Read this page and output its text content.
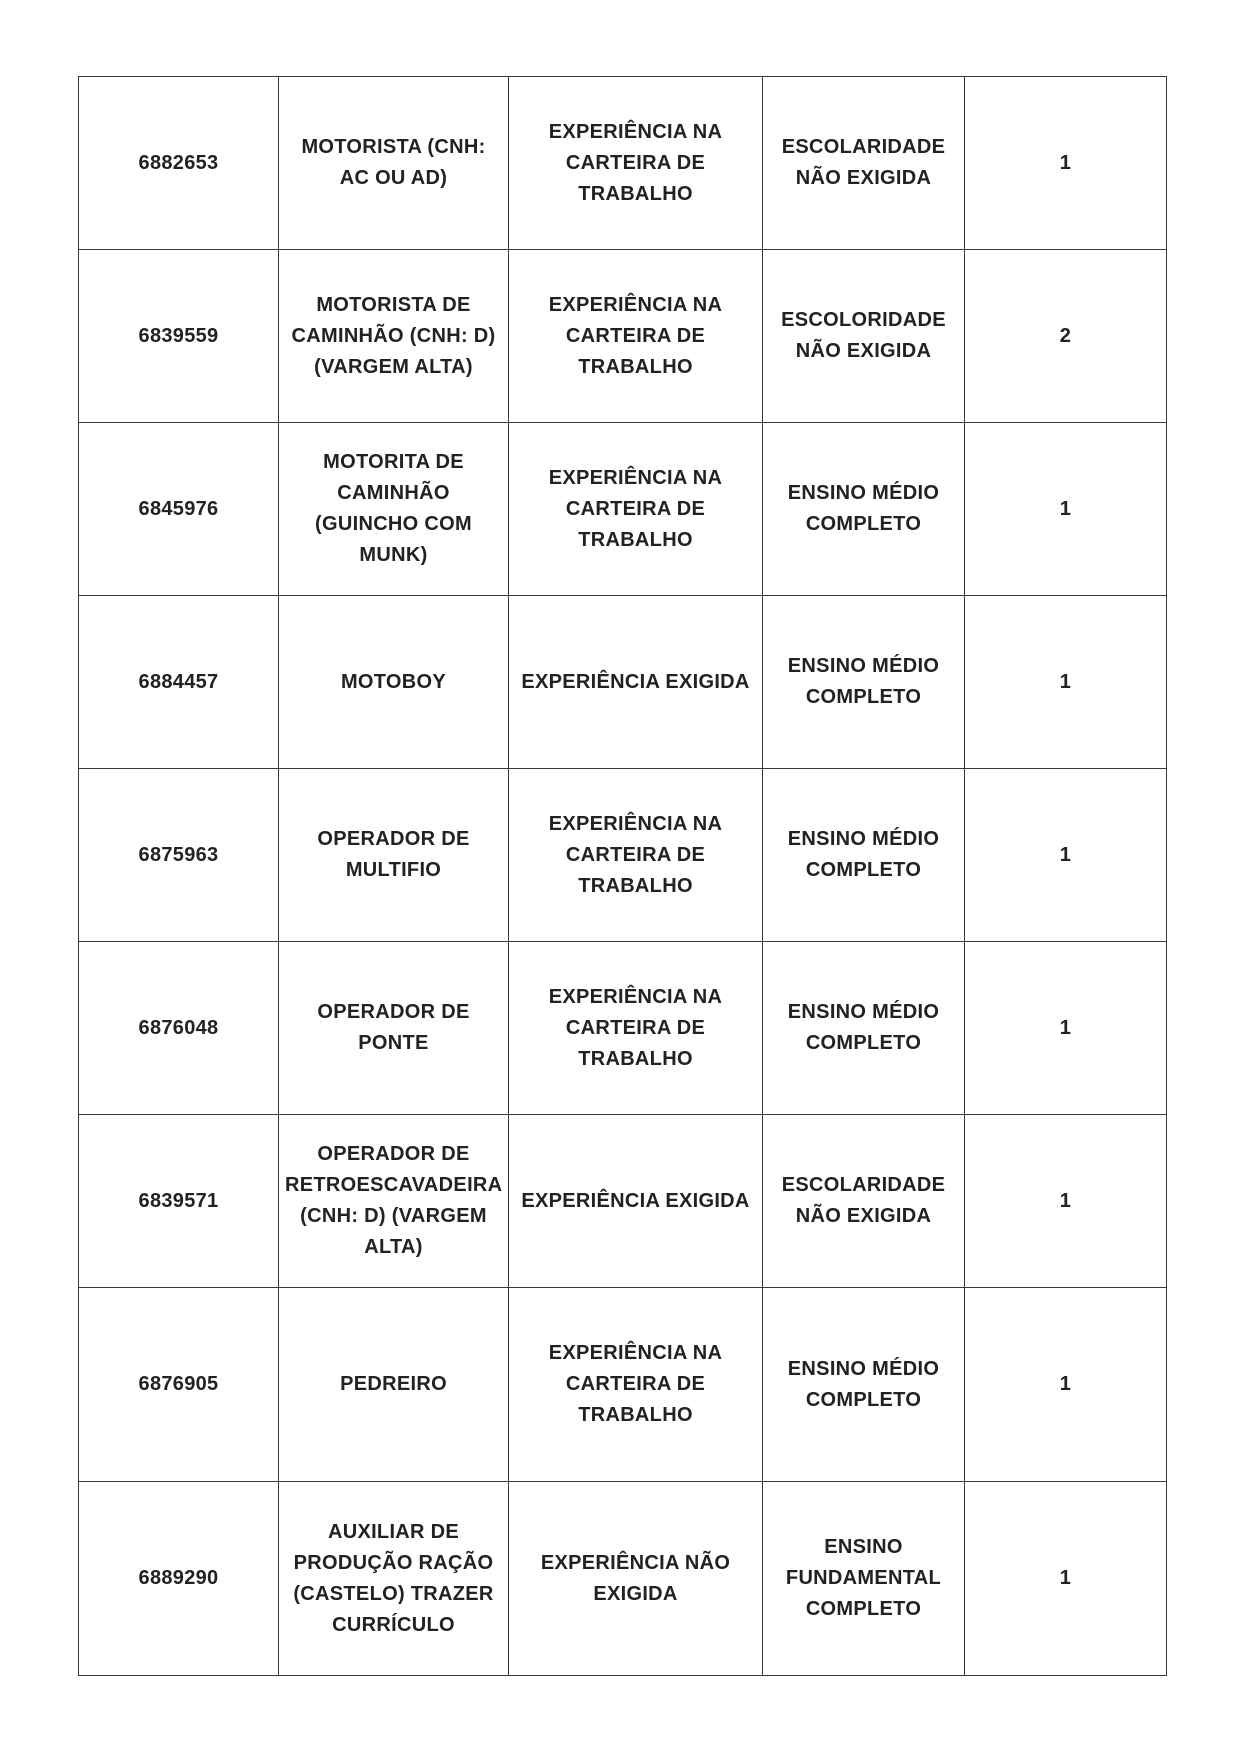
6882653	MOTORISTA (CNH: AC OU AD)	EXPERIÊNCIA NA CARTEIRA DE TRABALHO	ESCOLARIDADE NÃO EXIGIDA	1

6839559	MOTORISTA DE CAMINHÃO (CNH: D) (VARGEM ALTA)	EXPERIÊNCIA NA CARTEIRA DE TRABALHO	ESCOLORIDADE NÃO EXIGIDA	2

6845976	MOTORITA DE CAMINHÃO (GUINCHO COM MUNK)	EXPERIÊNCIA NA CARTEIRA DE TRABALHO	ENSINO MÉDIO COMPLETO	1

6884457	MOTOBOY	EXPERIÊNCIA EXIGIDA	ENSINO MÉDIO COMPLETO	1

6875963	OPERADOR DE MULTIFIO	EXPERIÊNCIA NA CARTEIRA DE TRABALHO	ENSINO MÉDIO COMPLETO	1

6876048	OPERADOR DE PONTE	EXPERIÊNCIA NA CARTEIRA DE TRABALHO	ENSINO MÉDIO COMPLETO	1

6839571	OPERADOR DE RETROESCAVADEIRA (CNH: D) (VARGEM ALTA)	EXPERIÊNCIA EXIGIDA	ESCOLARIDADE NÃO EXIGIDA	1

6876905	PEDREIRO	EXPERIÊNCIA NA CARTEIRA DE TRABALHO	ENSINO MÉDIO COMPLETO	1

6889290	AUXILIAR DE PRODUÇÃO RAÇÃO (CASTELO) TRAZER CURRÍCULO	EXPERIÊNCIA NÃO EXIGIDA	ENSINO FUNDAMENTAL COMPLETO	1
